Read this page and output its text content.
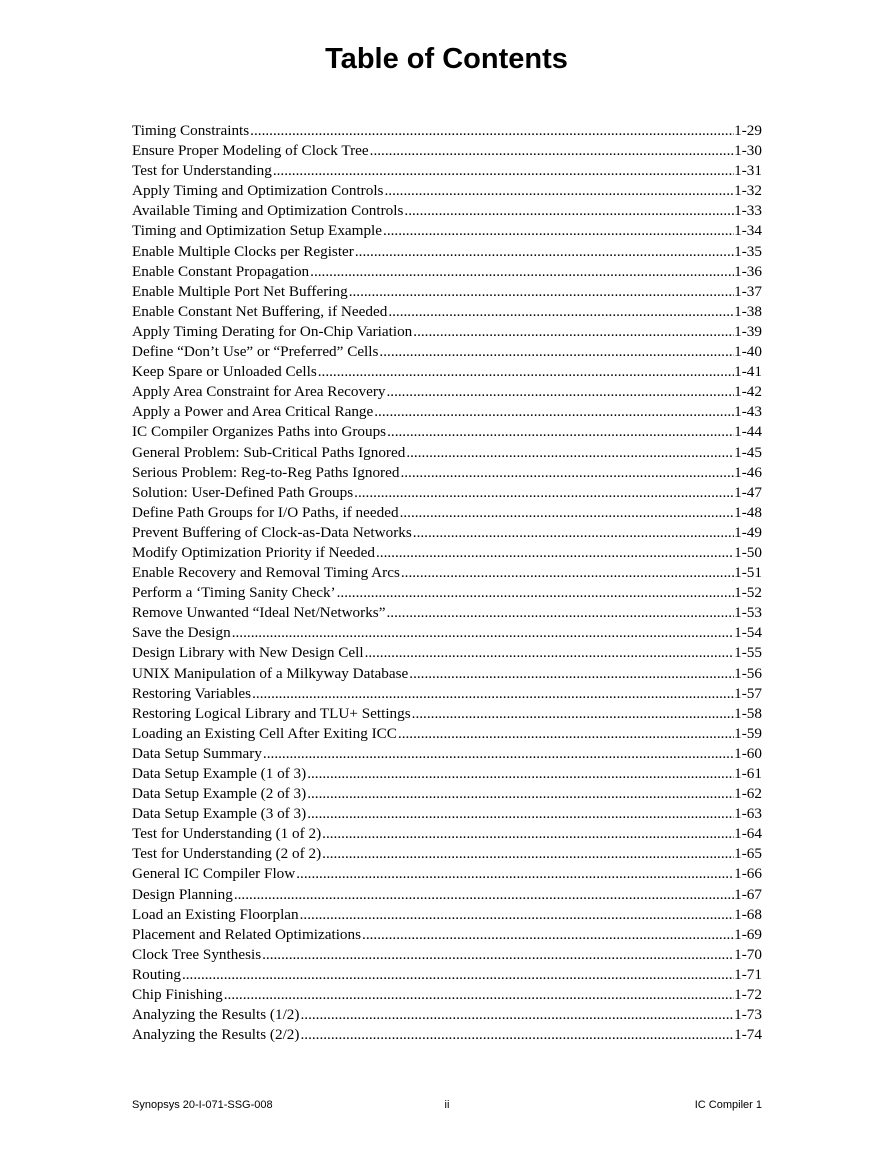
Table of Contents
Timing Constraints .....	1-29
Ensure Proper Modeling of Clock Tree .....	1-30
Test for Understanding .....	1-31
Apply Timing and Optimization Controls .....	1-32
Available Timing and Optimization Controls .....	1-33
Timing and Optimization Setup Example .....	1-34
Enable Multiple Clocks per Register .....	1-35
Enable Constant Propagation .....	1-36
Enable Multiple Port Net Buffering .....	1-37
Enable Constant Net Buffering, if Needed .....	1-38
Apply Timing Derating for On-Chip Variation .....	1-39
Define “Don’t Use” or “Preferred” Cells .....	1-40
Keep Spare or Unloaded Cells .....	1-41
Apply Area Constraint for Area Recovery .....	1-42
Apply a Power and Area Critical Range .....	1-43
IC Compiler Organizes Paths into Groups .....	1-44
General Problem: Sub-Critical Paths Ignored .....	1-45
Serious Problem: Reg-to-Reg Paths Ignored .....	1-46
Solution: User-Defined Path Groups .....	1-47
Define Path Groups for I/O Paths, if needed .....	1-48
Prevent Buffering of Clock-as-Data Networks .....	1-49
Modify Optimization Priority if Needed .....	1-50
Enable Recovery and Removal Timing Arcs .....	1-51
Perform a ‘Timing Sanity Check’ .....	1-52
Remove Unwanted “Ideal Net/Networks” .....	1-53
Save the Design .....	1-54
Design Library with New Design Cell .....	1-55
UNIX Manipulation of a Milkyway Database .....	1-56
Restoring Variables .....	1-57
Restoring Logical Library and TLU+ Settings .....	1-58
Loading an Existing Cell After Exiting ICC .....	1-59
Data Setup Summary .....	1-60
Data Setup Example (1 of 3) .....	1-61
Data Setup Example (2 of 3) .....	1-62
Data Setup Example (3 of 3) .....	1-63
Test for Understanding (1 of 2) .....	1-64
Test for Understanding (2 of 2) .....	1-65
General IC Compiler Flow .....	1-66
Design Planning .....	1-67
Load an Existing Floorplan .....	1-68
Placement and Related Optimizations .....	1-69
Clock Tree Synthesis .....	1-70
Routing .....	1-71
Chip Finishing .....	1-72
Analyzing the Results (1/2) .....	1-73
Analyzing the Results (2/2) .....	1-74
Synopsys 20-I-071-SSG-008	ii	IC Compiler 1
